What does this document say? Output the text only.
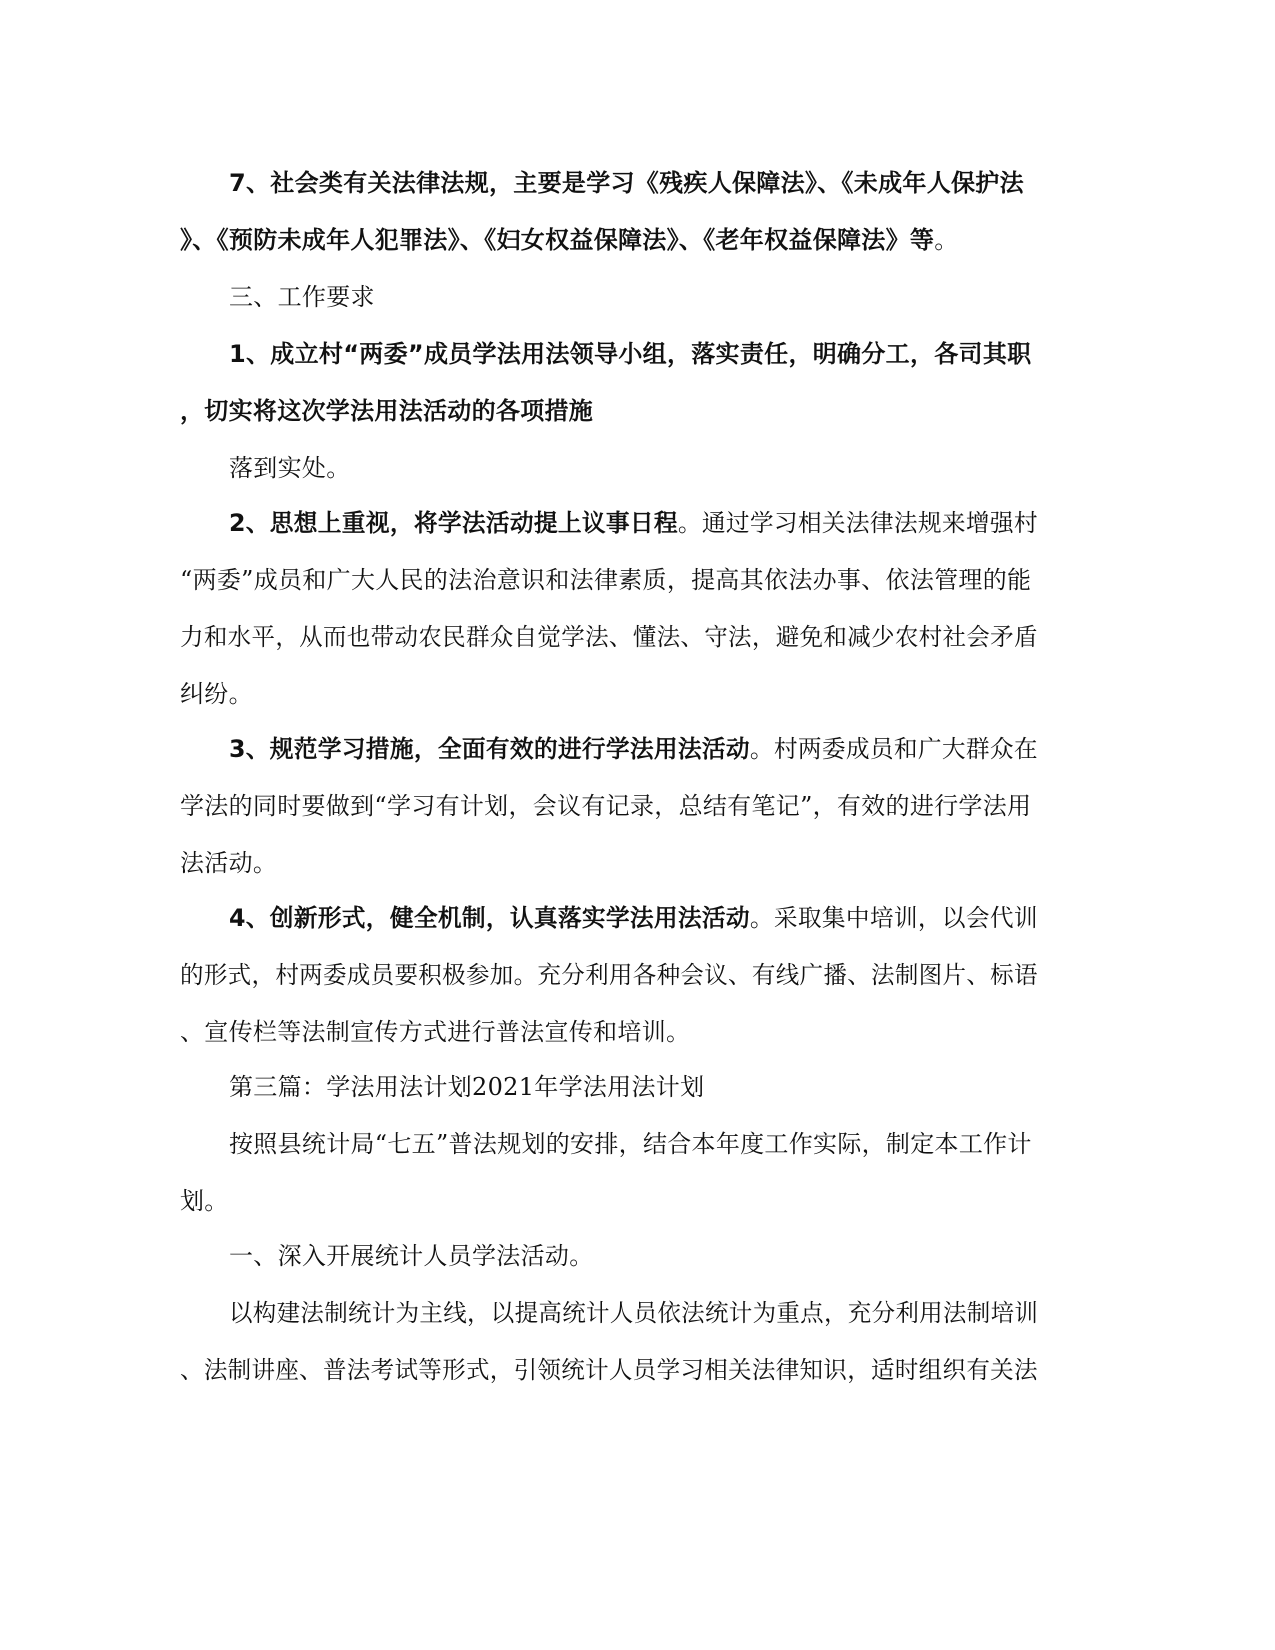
7、社会类有关法律法规，主要是学习《残疾人保障法》、《未成年人保护法
》、《预防未成年人犯罪法》、《妇女权益保障法》、《老年权益保障法》等。
三、工作要求
1、成立村“两委”成员学法用法领导小组，落实责任，明确分工，各司其职
，切实将这次学法用法活动的各项措施
落到实处。
2、思想上重视，将学法活动提上议事日程。通过学习相关法律法规来增强村
“两委”成员和广大人民的法治意识和法律素质，提高其依法办事、依法管理的能
力和水平，从而也带动农民群众自觉学法、懂法、守法，避免和减少农村社会矛盾
纠纷。
3、规范学习措施，全面有效的进行学法用法活动。村两委成员和广大群众在
学法的同时要做到“学习有计划，会议有记录，总结有笔记”，有效的进行学法用
法活动。
4、创新形式，健全机制，认真落实学法用法活动。采取集中培训，以会代训
的形式，村两委成员要积极参加。充分利用各种会议、有线广播、法制图片、标语
、宣传栏等法制宣传方式进行普法宣传和培训。
第三篇：学法用法计划2021年学法用法计划
按照县统计局“七五”普法规划的安排，结合本年度工作实际，制定本工作计
划。
一、深入开展统计人员学法活动。
以构建法制统计为主线，以提高统计人员依法统计为重点，充分利用法制培训
、法制讲座、普法考试等形式，引领统计人员学习相关法律知识，适时组织有关法
